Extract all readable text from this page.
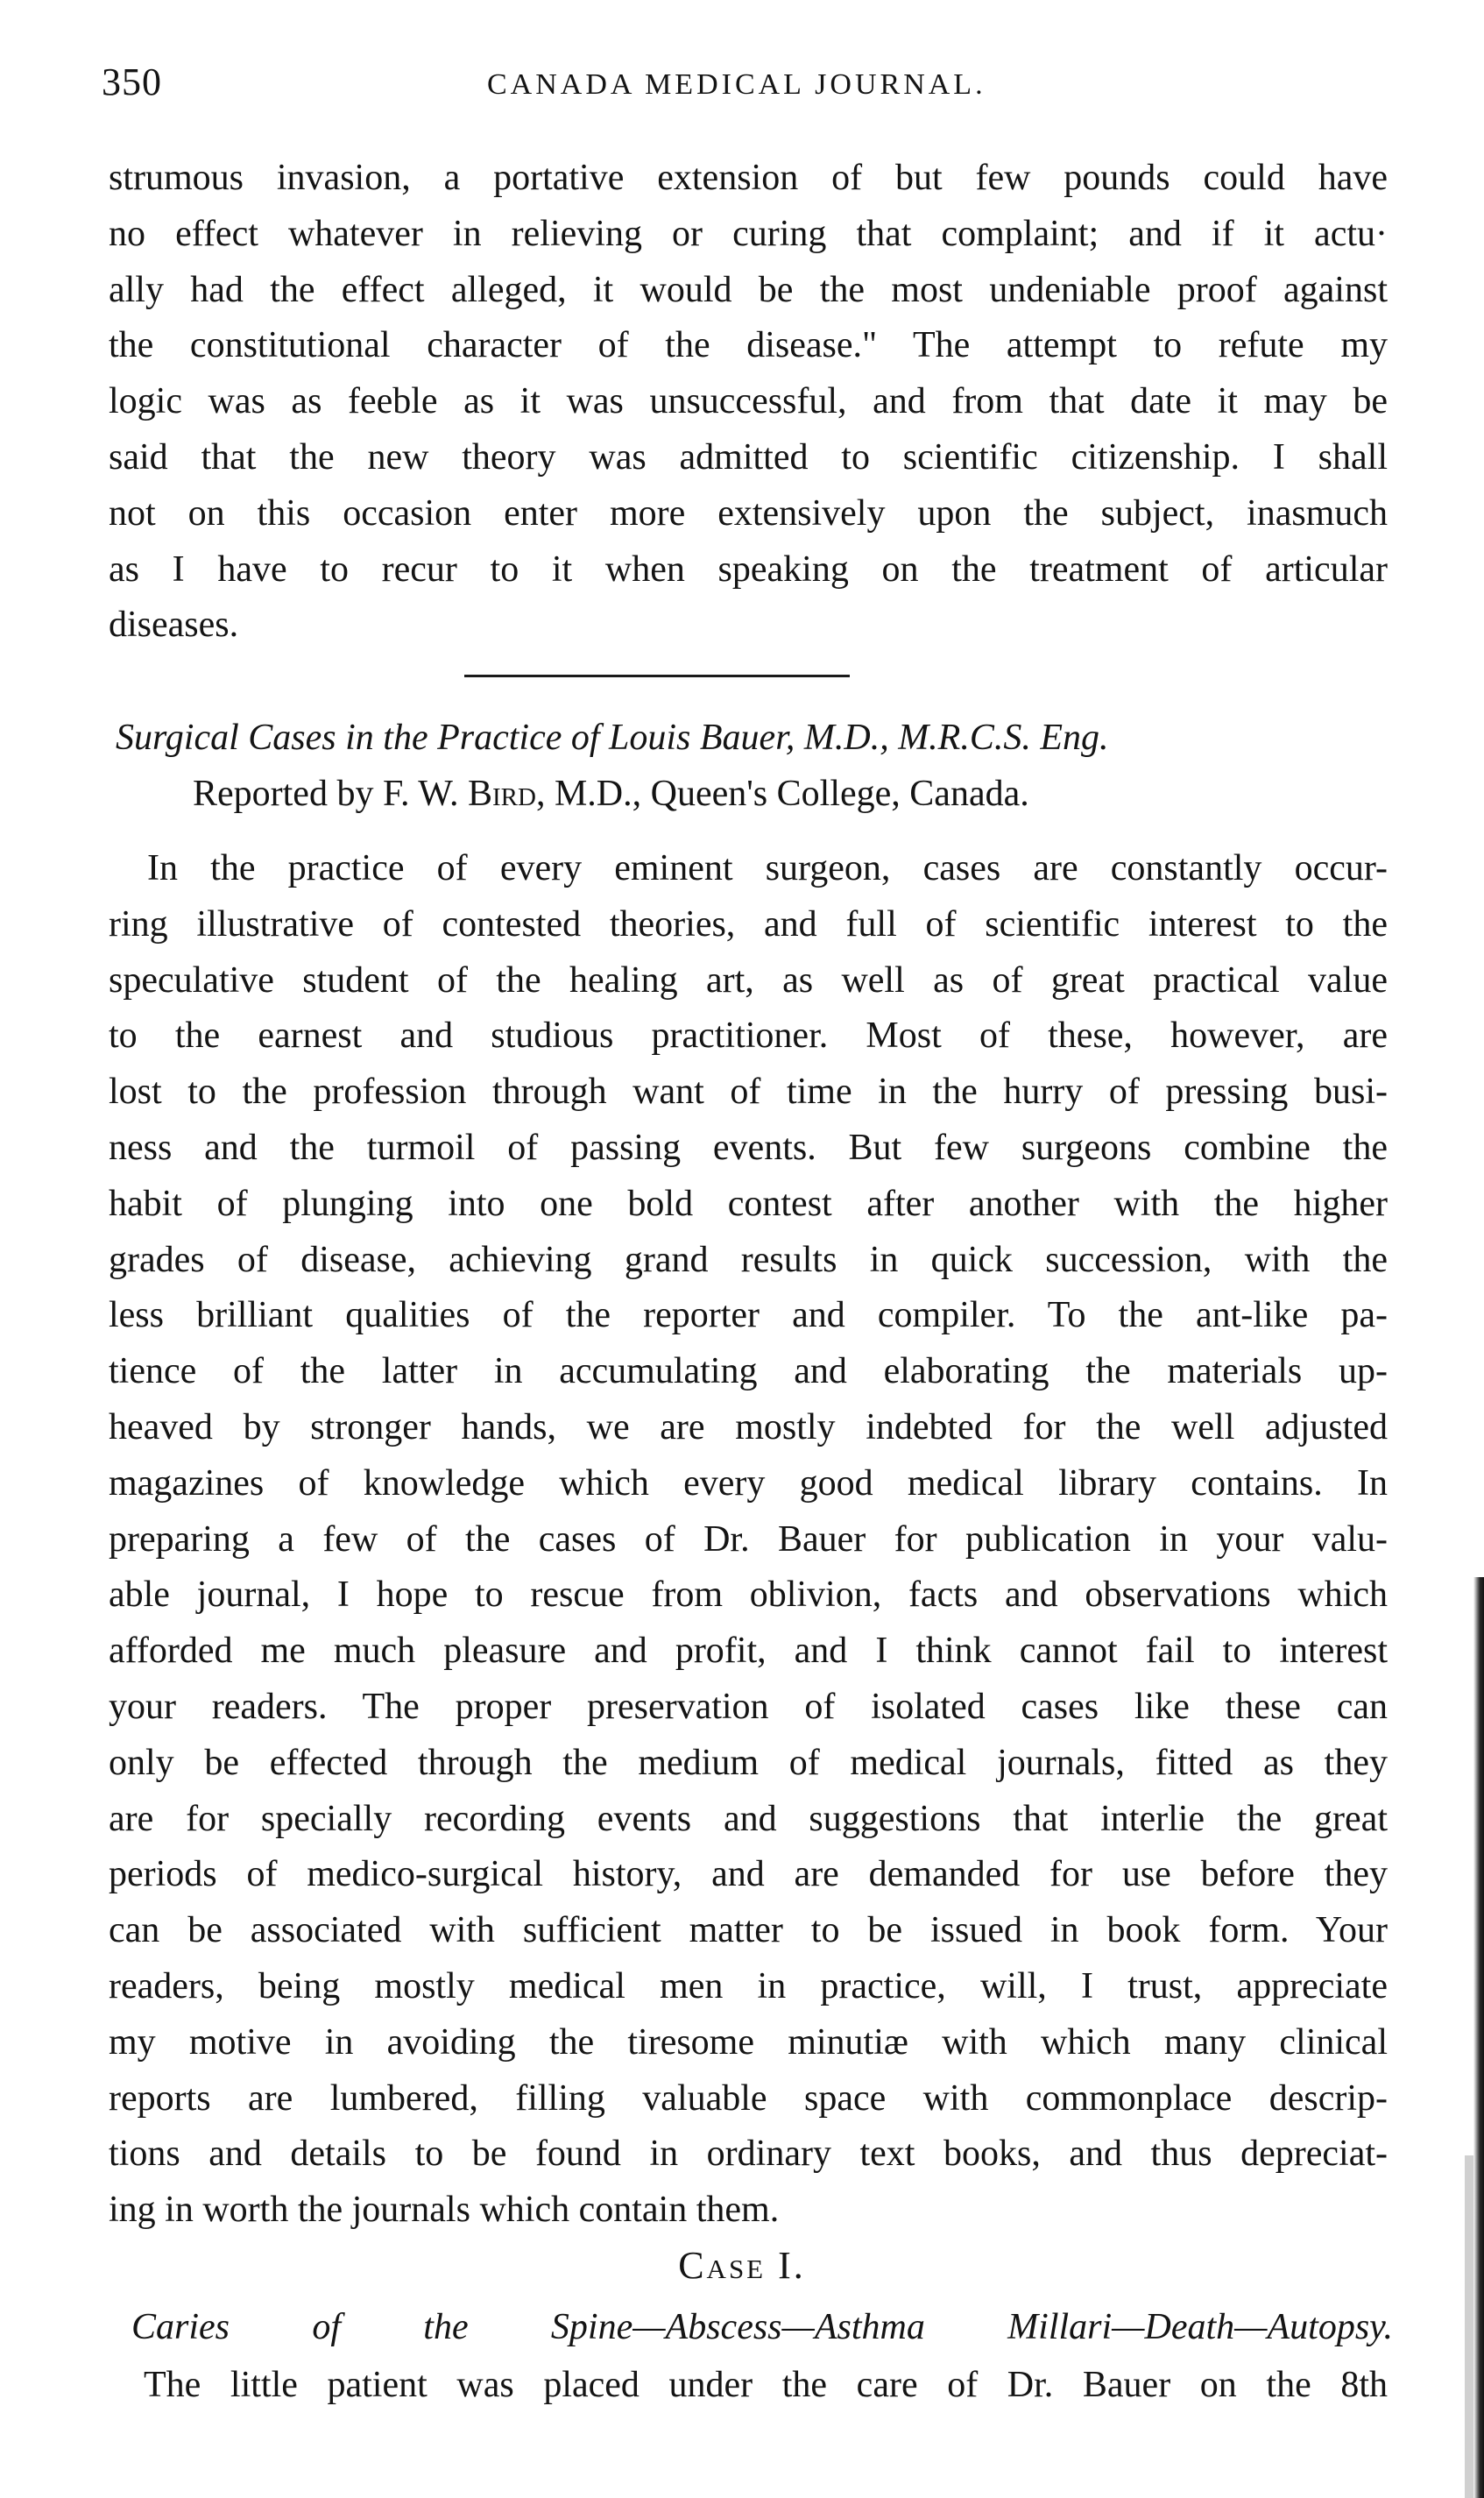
350	CANADA MEDICAL JOURNAL.
strumous invasion, a portative extension of but few pounds could have
no effect whatever in relieving or curing that complaint; and if it actu·
ally had the effect alleged, it would be the most undeniable proof against
the constitutional character of the disease." The attempt to refute my
logic was as feeble as it was unsuccessful, and from that date it may be
said that the new theory was admitted to scientific citizenship. I shall
not on this occasion enter more extensively upon the subject, inasmuch
as I have to recur to it when speaking on the treatment of articular
diseases.
Surgical Cases in the Practice of Louis Bauer, M.D., M.R.C.S. Eng.
Reported by F. W. Bird, M.D., Queen's College, Canada.
In the practice of every eminent surgeon, cases are constantly occur-
ring illustrative of contested theories, and full of scientific interest to the
speculative student of the healing art, as well as of great practical value
to the earnest and studious practitioner. Most of these, however, are
lost to the profession through want of time in the hurry of pressing busi-
ness and the turmoil of passing events. But few surgeons combine the
habit of plunging into one bold contest after another with the higher
grades of disease, achieving grand results in quick succession, with the
less brilliant qualities of the reporter and compiler. To the ant-like pa-
tience of the latter in accumulating and elaborating the materials up-
heaved by stronger hands, we are mostly indebted for the well adjusted
magazines of knowledge which every good medical library contains. In
preparing a few of the cases of Dr. Bauer for publication in your valu-
able journal, I hope to rescue from oblivion, facts and observations which
afforded me much pleasure and profit, and I think cannot fail to interest
your readers. The proper preservation of isolated cases like these can
only be effected through the medium of medical journals, fitted as they
are for specially recording events and suggestions that interlie the great
periods of medico-surgical history, and are demanded for use before they
can be associated with sufficient matter to be issued in book form. Your
readers, being mostly medical men in practice, will, I trust, appreciate
my motive in avoiding the tiresome minutiæ with which many clinical
reports are lumbered, filling valuable space with commonplace descrip-
tions and details to be found in ordinary text books, and thus depreciat-
ing in worth the journals which contain them.
Case I.
Caries of the Spine—Abscess—Asthma Millari—Death—Autopsy.
The little patient was placed under the care of Dr. Bauer on the 8th
